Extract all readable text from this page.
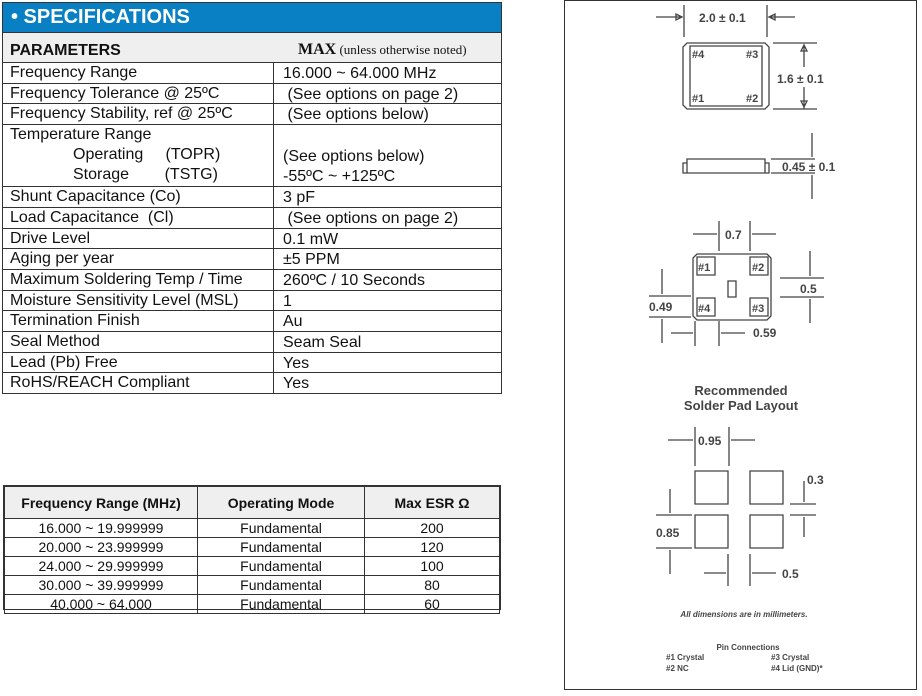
• SPECIFICATIONS
PARAMETERS	MAX (unless otherwise noted)
Frequency Range	16.000 ~ 64.000 MHz
Frequency Tolerance @ 25ºC	(See options on page 2)
Frequency Stability, ref @ 25ºC	(See options below)
Temperature Range
Operating     (TOPR)	(See options below)
Storage        (TSTG)	-55ºC ~ +125ºC
Shunt Capacitance (Co)	3 pF
Load Capacitance  (Cl)	(See options on page 2)
Drive Level	0.1 mW
Aging per year	±5 PPM
Maximum Soldering Temp / Time	260ºC / 10 Seconds
Moisture Sensitivity Level (MSL)	1
Termination Finish	Au
Seal Method	Seam Seal
Lead (Pb) Free	Yes
RoHS/REACH Compliant	Yes
Frequency Range (MHz)	Operating Mode	Max ESR Ω
16.000 ~ 19.999999	Fundamental	200
20.000 ~ 23.999999	Fundamental	120
24.000 ~ 29.999999	Fundamental	100
30.000 ~ 39.999999	Fundamental	80
40.000 ~ 64.000	Fundamental	60
2.0 ± 0.1
1.6 ± 0.1
#4	#3
#1	#2
0.45 ± 0.1
0.7
#1	#2
#4	#3
0.5
0.49
0.59
Recommended
Solder Pad Layout
0.95
0.3
0.85
0.5
All dimensions are in millimeters.
Pin Connections
#1 Crystal
#2 NC
#3 Crystal
#4 Lid (GND)*
